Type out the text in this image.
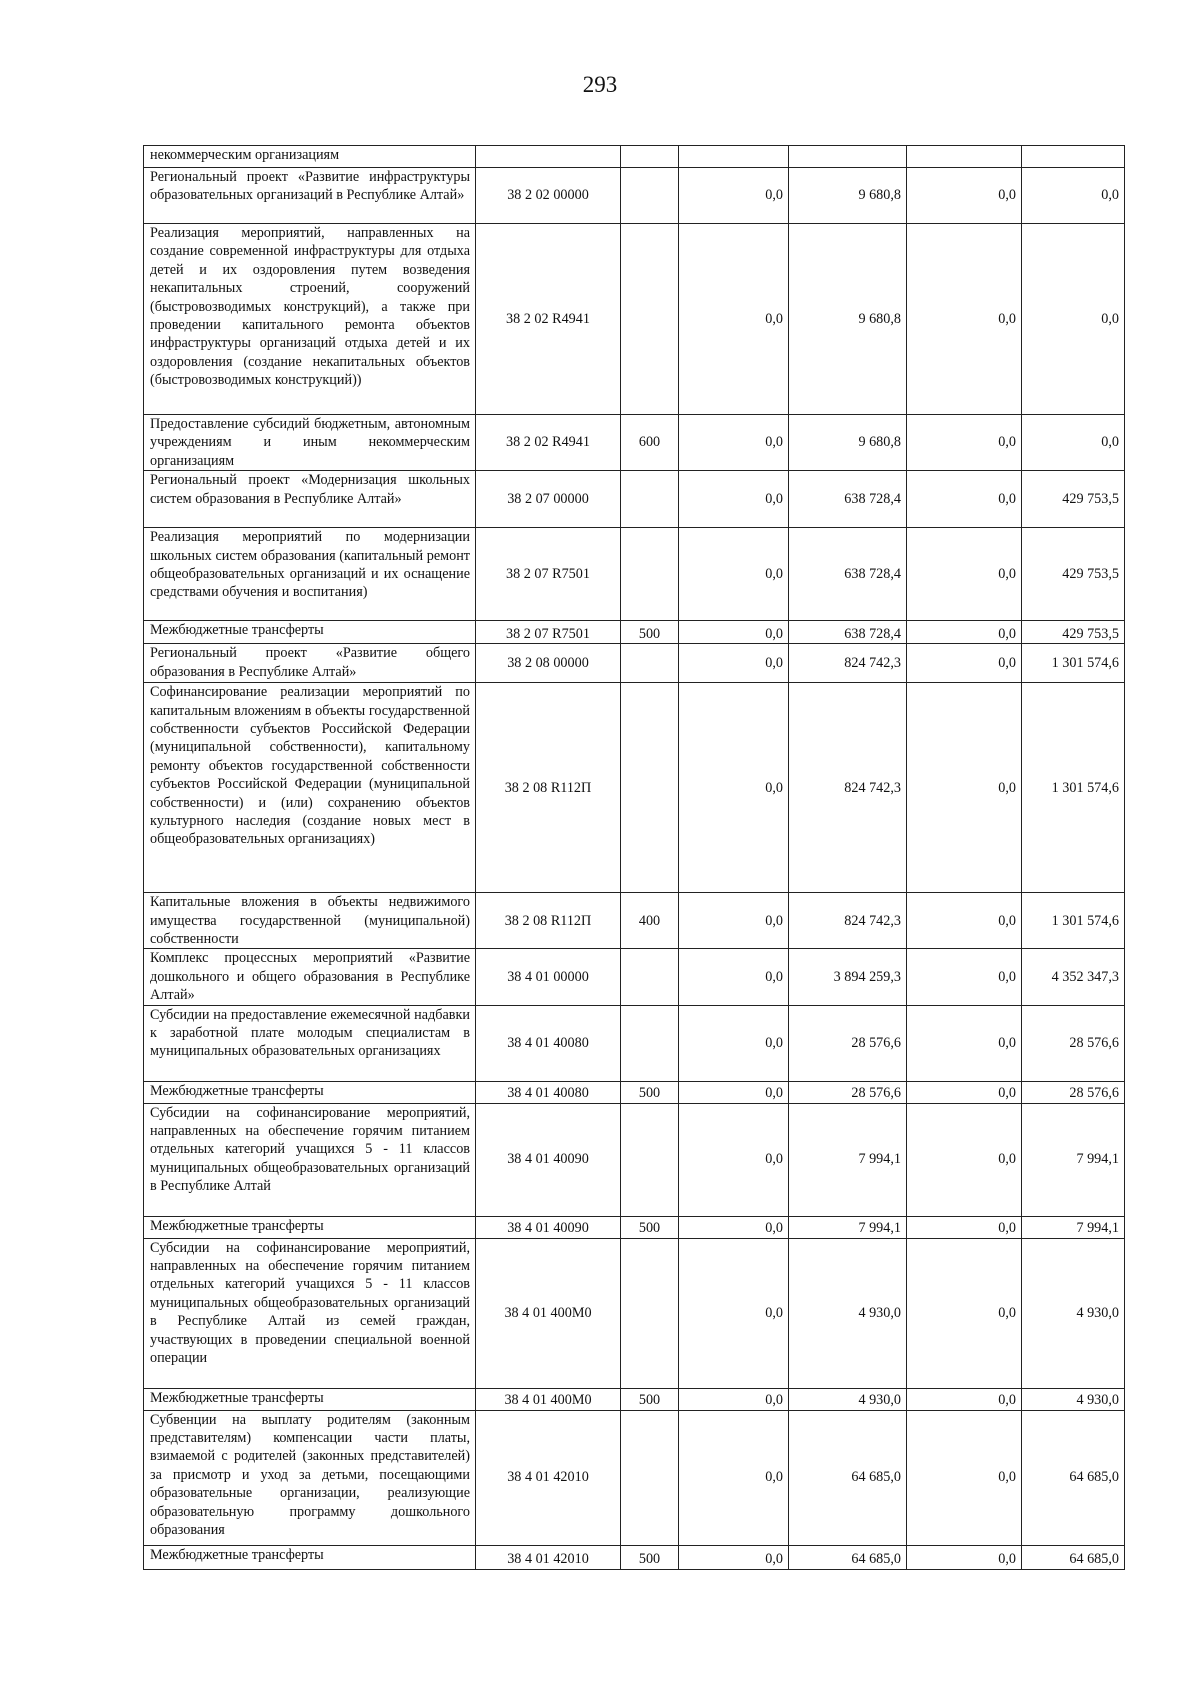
293
некоммерческим организациям						
Региональный проект «Развитие инфраструктуры образовательных организаций в Республике Алтай»	38 2 02 00000		0,0	9 680,8	0,0	0,0
Реализация мероприятий, направленных на создание современной инфраструктуры для отдыха детей и их оздоровления путем возведения некапитальных строений, сооружений (быстровозводимых конструкций), а также при проведении капитального ремонта объектов инфраструктуры организаций отдыха детей и их оздоровления (создание некапитальных объектов (быстровозводимых конструкций))	38 2 02 R4941		0,0	9 680,8	0,0	0,0
Предоставление субсидий бюджетным, автономным учреждениям и иным некоммерческим организациям	38 2 02 R4941	600	0,0	9 680,8	0,0	0,0
Региональный проект «Модернизация школьных систем образования в Республике Алтай»	38 2 07 00000		0,0	638 728,4	0,0	429 753,5
Реализация мероприятий по модернизации школьных систем образования (капитальный ремонт общеобразовательных организаций и их оснащение средствами обучения и воспитания)	38 2 07 R7501		0,0	638 728,4	0,0	429 753,5
Межбюджетные трансферты	38 2 07 R7501	500	0,0	638 728,4	0,0	429 753,5
Региональный проект «Развитие общего образования в Республике Алтай»	38 2 08 00000		0,0	824 742,3	0,0	1 301 574,6
Софинансирование реализации мероприятий по капитальным вложениям в объекты государственной собственности субъектов Российской Федерации (муниципальной собственности), капитальному ремонту объектов государственной собственности субъектов Российской Федерации (муниципальной собственности) и (или) сохранению объектов культурного наследия (создание новых мест в общеобразовательных организациях)	38 2 08 R112П		0,0	824 742,3	0,0	1 301 574,6
Капитальные вложения в объекты недвижимого имущества государственной (муниципальной) собственности	38 2 08 R112П	400	0,0	824 742,3	0,0	1 301 574,6
Комплекс процессных мероприятий «Развитие дошкольного и общего образования в Республике Алтай»	38 4 01 00000		0,0	3 894 259,3	0,0	4 352 347,3
Субсидии на предоставление ежемесячной надбавки к заработной плате молодым специалистам в муниципальных образовательных организациях	38 4 01 40080		0,0	28 576,6	0,0	28 576,6
Межбюджетные трансферты	38 4 01 40080	500	0,0	28 576,6	0,0	28 576,6
Субсидии на софинансирование мероприятий, направленных на обеспечение горячим питанием отдельных категорий учащихся 5 - 11 классов муниципальных общеобразовательных организаций в Республике Алтай	38 4 01 40090		0,0	7 994,1	0,0	7 994,1
Межбюджетные трансферты	38 4 01 40090	500	0,0	7 994,1	0,0	7 994,1
Субсидии на софинансирование мероприятий, направленных на обеспечение горячим питанием отдельных категорий учащихся 5 - 11 классов муниципальных общеобразовательных организаций в Республике Алтай из семей граждан, участвующих в проведении специальной военной операции	38 4 01 400М0		0,0	4 930,0	0,0	4 930,0
Межбюджетные трансферты	38 4 01 400М0	500	0,0	4 930,0	0,0	4 930,0
Субвенции на выплату родителям (законным представителям) компенсации части платы, взимаемой с родителей (законных представителей) за присмотр и уход за детьми, посещающими образовательные организации, реализующие образовательную программу дошкольного образования	38 4 01 42010		0,0	64 685,0	0,0	64 685,0
Межбюджетные трансферты	38 4 01 42010	500	0,0	64 685,0	0,0	64 685,0
